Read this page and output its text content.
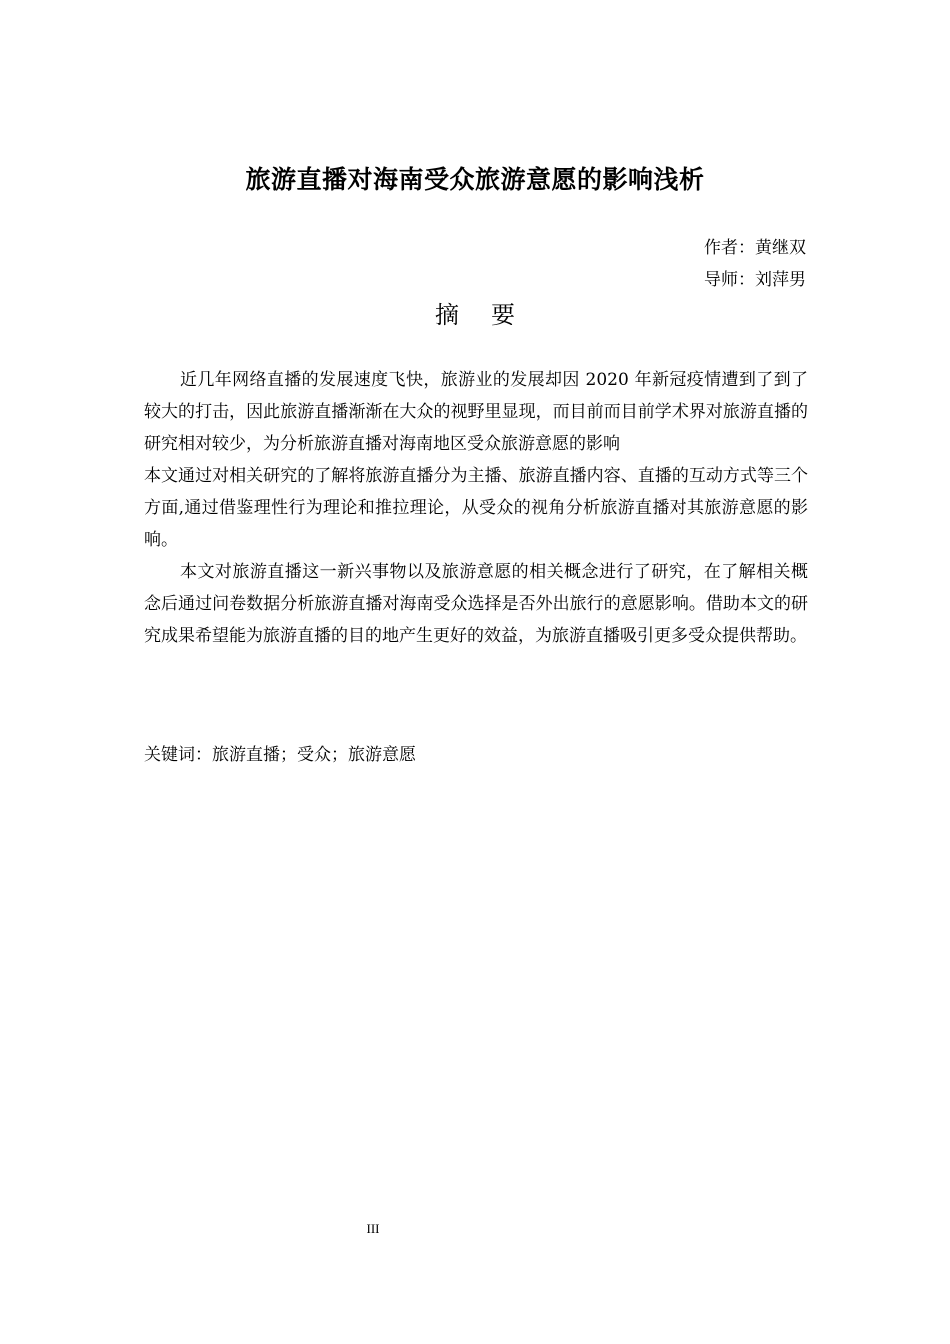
旅游直播对海南受众旅游意愿的影响浅析
作者：黄继双
导师：刘萍男
摘要

近几年网络直播的发展速度飞快，旅游业的发展却因 2020 年新冠疫情遭到了到了较大的打击，因此旅游直播渐渐在大众的视野里显现，而目前而目前学术界对旅游直播的研究相对较少，为分析旅游直播对海南地区受众旅游意愿的影响

本文通过对相关研究的了解将旅游直播分为主播、旅游直播内容、直播的互动方式等三个方面,通过借鉴理性行为理论和推拉理论，从受众的视角分析旅游直播对其旅游意愿的影响。

本文对旅游直播这一新兴事物以及旅游意愿的相关概念进行了研究，在了解相关概念后通过问卷数据分析旅游直播对海南受众选择是否外出旅行的意愿影响。借助本文的研究成果希望能为旅游直播的目的地产生更好的效益，为旅游直播吸引更多受众提供帮助。

关键词：旅游直播；受众；旅游意愿
III
